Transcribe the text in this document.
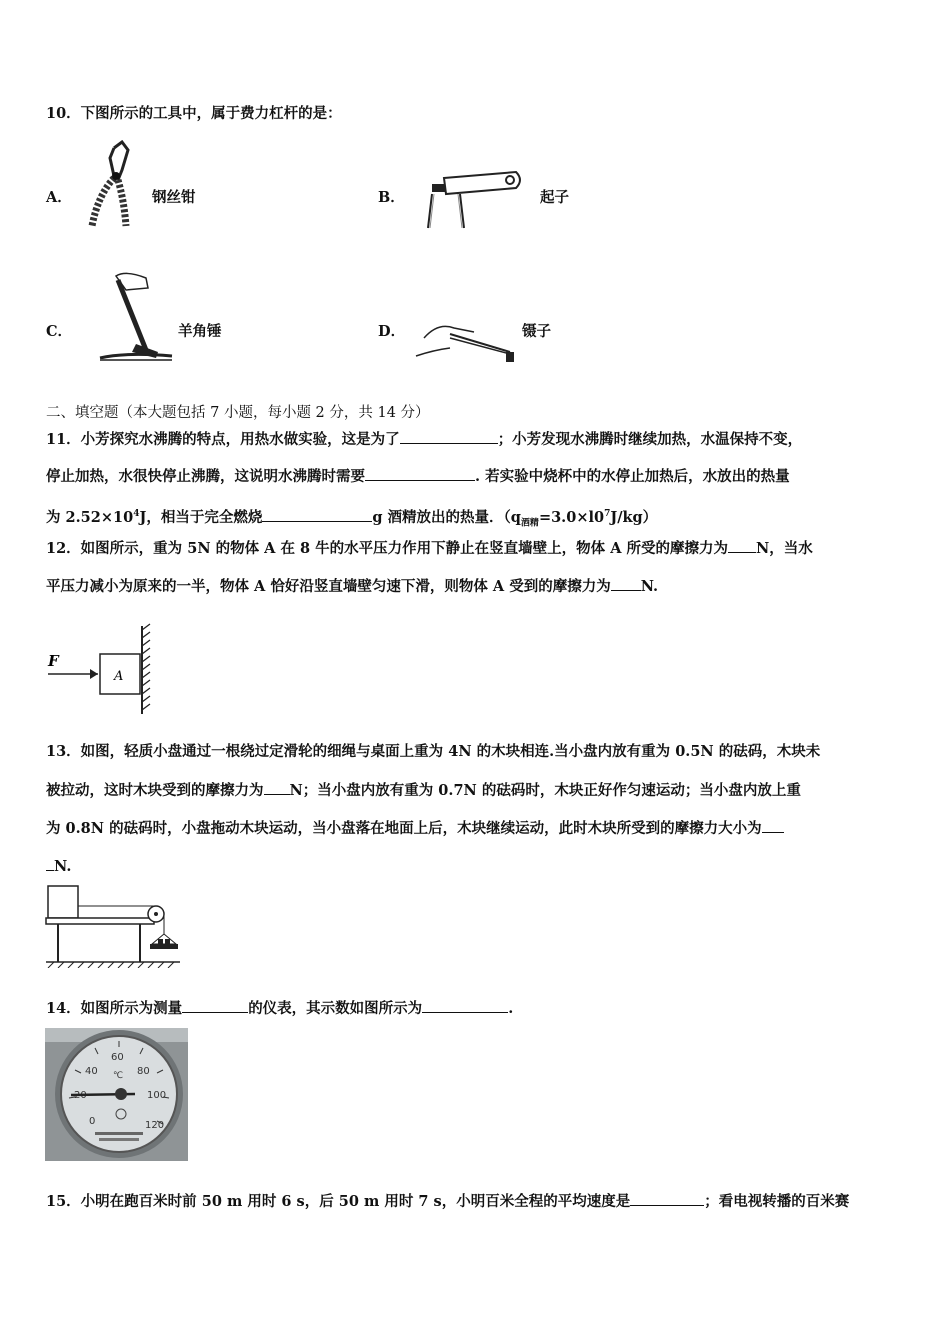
10．下图所示的工具中，属于费力杠杆的是：
A．	钢丝钳	B．	起子
C．	羊角锤	D．	镊子
二、填空题（本大题包括 7 小题，每小题 2 分，共 14 分）
11．小芳探究水沸腾的特点，用热水做实验，这是为了	；小芳发现水沸腾时继续加热，水温保持不变，
停止加热，水很快停止沸腾，这说明水沸腾时需要	. 若实验中烧杯中的水停止加热后，水放出的热量
为 $2.52\times 10^4J$，相当于完全燃烧	g 酒精放出的热量．$(q_{酒精}=3.0\times l0^7J/kg)$
12．如图所示，重为 5N 的物体 A 在 8 牛的水平压力作用下静止在竖直墙壁上，物体 A 所受的摩擦力为 N，当水
平压力减小为原来的一半，物体 A 恰好沿竖直墙壁匀速下滑，则物体 A 受到的摩擦力为 N.
F
A
13．如图，轻质小盘通过一根绕过定滑轮的细绳与桌面上重为 4N 的木块相连.当小盘内放有重为 0.5N 的砝码，木块未
被拉动，这时木块受到的摩擦力为 N；当小盘内放有重为 0.7N 的砝码时，木块正好作匀速运动；当小盘内放上重
为 0.8N 的砝码时，小盘拖动木块运动，当小盘落在地面上后，木块继续运动，此时木块所受到的摩擦力大小为
N.
14．如图所示为测量	的仪表，其示数如图所示为	.
40
60
80
100
0	120
℃
15．小明在跑百米时前 50 m 用时 6 s，后 50 m 用时 7 s，小明百米全程的平均速度是	；看电视转播的百米赛
